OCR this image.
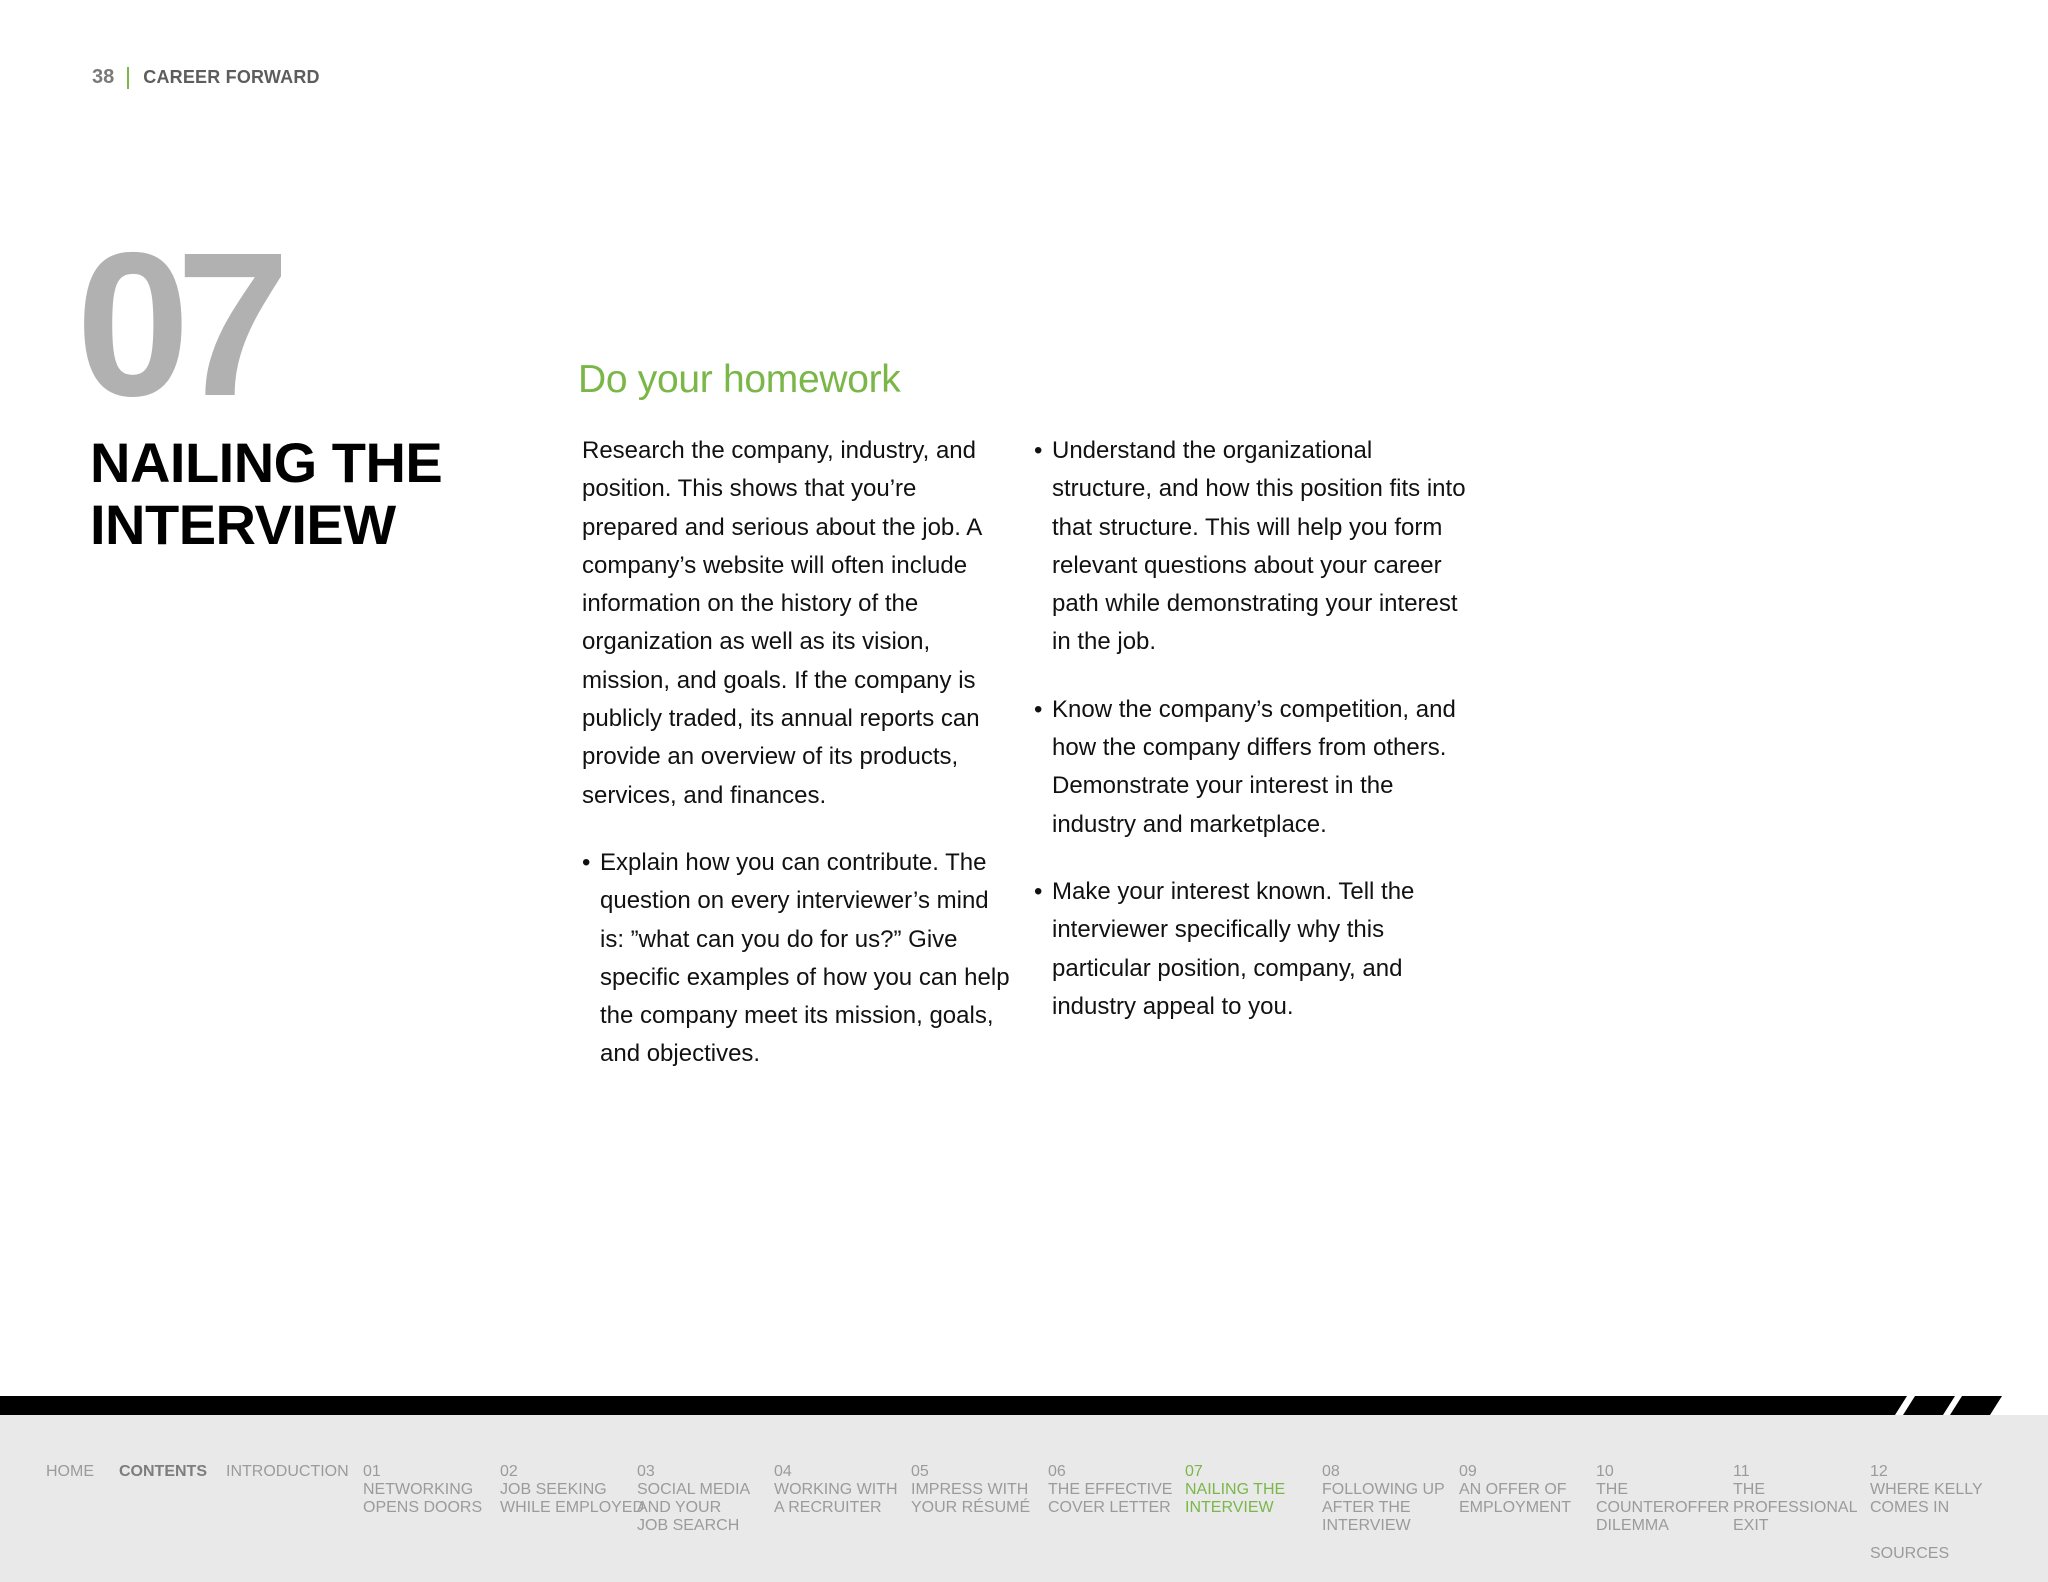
38 CAREER FORWARD
07
NAILING THE
INTERVIEW
Do your homework

Research the company, industry, and position. This shows that you’re prepared and serious about the job. A company’s website will often include information on the history of the organization as well as its vision, mission, and goals. If the company is publicly traded, its annual reports can provide an overview of its products, services, and finances.

• Explain how you can contribute. The question on every interviewer’s mind is: ”what can you do for us?” Give specific examples of how you can help the company meet its mission, goals, and objectives.
• Understand the organizational structure, and how this position fits into that structure. This will help you form relevant questions about your career path while demonstrating your interest in the job.
• Know the company’s competition, and how the company differs from others. Demonstrate your interest in the industry and marketplace.
• Make your interest known. Tell the interviewer specifically why this particular position, company, and industry appeal to you.
HOME CONTENTS INTRODUCTION 01
NETWORKING
OPENS DOORS
02
JOB SEEKING
WHILE EMPLOYED
03
SOCIAL MEDIA
AND YOUR
JOB SEARCH
04
WORKING WITH
A RECRUITER
05
IMPRESS WITH
YOUR RÉSUMÉ
06
THE EFFECTIVE
COVER LETTER
07
NAILING THE
INTERVIEW
08
FOLLOWING UP
AFTER THE
INTERVIEW
09
AN OFFER OF
EMPLOYMENT
10
THE
COUNTEROFFER
DILEMMA
11
THE
PROFESSIONAL
EXIT
12
WHERE KELLY
COMES IN
SOURCES
